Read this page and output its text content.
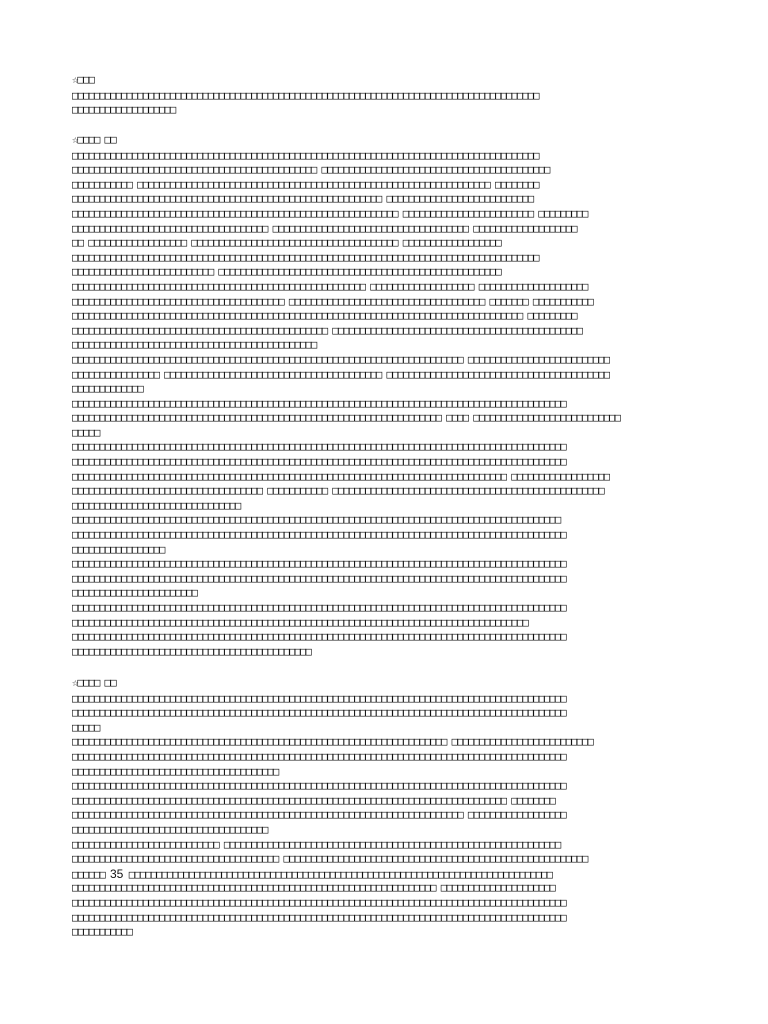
☆□□□
□□□□□□□□□□□□□□□□□□□□□□□□□□□□□□□□□□□□□□□□□□□□□□□□□□□□□□□□□□□□□□□□□□□□□□□□□□□□□□□□□□□□□□
□□□□□□□□□□□□□□□□□□□
☆□□□□ □□
□□□□□□□□□□□□□□□□□□□□□□□□□□□□□□□□□□□□□□□□□□□□□□□□□□□□□□□□□□□□□□□□□□□□□□□□□□□□□□□□□□□□□□
□□□□□□□□□□□□□□□□□□□□□□□□□□□□□□□□□□□□□□□□□□□□□ □□□□□□□□□□□□□□□□□□□□□□□□□□□□□□□□□□□□□□□□□□
□□□□□□□□□□□ □□□□□□□□□□□□□□□□□□□□□□□□□□□□□□□□□□□□□□□□□□□□□□□□□□□□□□□□□□□□□□□□□ □□□□□□□□
□□□□□□□□□□□□□□□□□□□□□□□□□□□□□□□□□□□□□□□□□□□□□□□□□□□□□□□□□ □□□□□□□□□□□□□□□□□□□□□□□□□□□
□□□□□□□□□□□□□□□□□□□□□□□□□□□□□□□□□□□□□□□□□□□□□□□□□□□□□□□□□□□□ □□□□□□□□□□□□□□□□□□□□□□□□ □□□□□□□□□
□□□□□□□□□□□□□□□□□□□□□□□□□□□□□□□□□□□□ □□□□□□□□□□□□□□□□□□□□□□□□□□□□□□□□□□□□ □□□□□□□□□□□□□□□□□□□
□□ □□□□□□□□□□□□□□□□□□ □□□□□□□□□□□□□□□□□□□□□□□□□□□□□□□□□□□□□□ □□□□□□□□□□□□□□□□□□
□□□□□□□□□□□□□□□□□□□□□□□□□□□□□□□□□□□□□□□□□□□□□□□□□□□□□□□□□□□□□□□□□□□□□□□□□□□□□□□□□□□□□□
□□□□□□□□□□□□□□□□□□□□□□□□□□ □□□□□□□□□□□□□□□□□□□□□□□□□□□□□□□□□□□□□□□□□□□□□□□□□□□□
□□□□□□□□□□□□□□□□□□□□□□□□□□□□□□□□□□□□□□□□□□□□□□□□□□□□□□ □□□□□□□□□□□□□□□□□□□ □□□□□□□□□□□□□□□□□□□□
□□□□□□□□□□□□□□□□□□□□□□□□□□□□□□□□□□□□□□□ □□□□□□□□□□□□□□□□□□□□□□□□□□□□□□□□□□□□ □□□□□□□ □□□□□□□□□□□
□□□□□□□□□□□□□□□□□□□□□□□□□□□□□□□□□□□□□□□□□□□□□□□□□□□□□□□□□□□□□□□□□□□□□□□□□□□□□□□□□□□ □□□□□□□□□
□□□□□□□□□□□□□□□□□□□□□□□□□□□□□□□□□□□□□□□□□□□□□□□ □□□□□□□□□□□□□□□□□□□□□□□□□□□□□□□□□□□□□□□□□□□□□□
□□□□□□□□□□□□□□□□□□□□□□□□□□□□□□□□□□□□□□□□□□□□□
□□□□□□□□□□□□□□□□□□□□□□□□□□□□□□□□□□□□□□□□□□□□□□□□□□□□□□□□□□□□□□□□□□□□□□□□ □□□□□□□□□□□□□□□□□□□□□□□□□□
□□□□□□□□□□□□□□□□ □□□□□□□□□□□□□□□□□□□□□□□□□□□□□□□□□□□□□□□□ □□□□□□□□□□□□□□□□□□□□□□□□□□□□□□□□□□□□□□□□□
□□□□□□□□□□□□□
□□□□□□□□□□□□□□□□□□□□□□□□□□□□□□□□□□□□□□□□□□□□□□□□□□□□□□□□□□□□□□□□□□□□□□□□□□□□□□□□□□□□□□□□□□□
□□□□□□□□□□□□□□□□□□□□□□□□□□□□□□□□□□□□□□□□□□□□□□□□□□□□□□□□□□□□□□□□□□□□ □□□□ □□□□□□□□□□□□□□□□□□□□□□□□□□□
□□□□□
□□□□□□□□□□□□□□□□□□□□□□□□□□□□□□□□□□□□□□□□□□□□□□□□□□□□□□□□□□□□□□□□□□□□□□□□□□□□□□□□□□□□□□□□□□□
□□□□□□□□□□□□□□□□□□□□□□□□□□□□□□□□□□□□□□□□□□□□□□□□□□□□□□□□□□□□□□□□□□□□□□□□□□□□□□□□□□□□□□□□□□□
□□□□□□□□□□□□□□□□□□□□□□□□□□□□□□□□□□□□□□□□□□□□□□□□□□□□□□□□□□□□□□□□□□□□□□□□□□□□□□□□ □□□□□□□□□□□□□□□□□□
□□□□□□□□□□□□□□□□□□□□□□□□□□□□□□□□□□□ □□□□□□□□□□□ □□□□□□□□□□□□□□□□□□□□□□□□□□□□□□□□□□□□□□□□□□□□□□□□□□
□□□□□□□□□□□□□□□□□□□□□□□□□□□□□□□
□□□□□□□□□□□□□□□□□□□□□□□□□□□□□□□□□□□□□□□□□□□□□□□□□□□□□□□□□□□□□□□□□□□□□□□□□□□□□□□□□□□□□□□□□□
□□□□□□□□□□□□□□□□□□□□□□□□□□□□□□□□□□□□□□□□□□□□□□□□□□□□□□□□□□□□□□□□□□□□□□□□□□□□□□□□□□□□□□□□□□□
□□□□□□□□□□□□□□□□□
□□□□□□□□□□□□□□□□□□□□□□□□□□□□□□□□□□□□□□□□□□□□□□□□□□□□□□□□□□□□□□□□□□□□□□□□□□□□□□□□□□□□□□□□□□□
□□□□□□□□□□□□□□□□□□□□□□□□□□□□□□□□□□□□□□□□□□□□□□□□□□□□□□□□□□□□□□□□□□□□□□□□□□□□□□□□□□□□□□□□□□□
□□□□□□□□□□□□□□□□□□□□□□□
□□□□□□□□□□□□□□□□□□□□□□□□□□□□□□□□□□□□□□□□□□□□□□□□□□□□□□□□□□□□□□□□□□□□□□□□□□□□□□□□□□□□□□□□□□□
□□□□□□□□□□□□□□□□□□□□□□□□□□□□□□□□□□□□□□□□□□□□□□□□□□□□□□□□□□□□□□□□□□□□□□□□□□□□□□□□□□□□
□□□□□□□□□□□□□□□□□□□□□□□□□□□□□□□□□□□□□□□□□□□□□□□□□□□□□□□□□□□□□□□□□□□□□□□□□□□□□□□□□□□□□□□□□□□
□□□□□□□□□□□□□□□□□□□□□□□□□□□□□□□□□□□□□□□□□□□□
☆□□□□ □□
□□□□□□□□□□□□□□□□□□□□□□□□□□□□□□□□□□□□□□□□□□□□□□□□□□□□□□□□□□□□□□□□□□□□□□□□□□□□□□□□□□□□□□□□□□□
□□□□□□□□□□□□□□□□□□□□□□□□□□□□□□□□□□□□□□□□□□□□□□□□□□□□□□□□□□□□□□□□□□□□□□□□□□□□□□□□□□□□□□□□□□□
□□□□□
□□□□□□□□□□□□□□□□□□□□□□□□□□□□□□□□□□□□□□□□□□□□□□□□□□□□□□□□□□□□□□□□□□□□□ □□□□□□□□□□□□□□□□□□□□□□□□□□
□□□□□□□□□□□□□□□□□□□□□□□□□□□□□□□□□□□□□□□□□□□□□□□□□□□□□□□□□□□□□□□□□□□□□□□□□□□□□□□□□□□□□□□□□□□
□□□□□□□□□□□□□□□□□□□□□□□□□□□□□□□□□□□□□□
□□□□□□□□□□□□□□□□□□□□□□□□□□□□□□□□□□□□□□□□□□□□□□□□□□□□□□□□□□□□□□□□□□□□□□□□□□□□□□□□□□□□□□□□□□□
□□□□□□□□□□□□□□□□□□□□□□□□□□□□□□□□□□□□□□□□□□□□□□□□□□□□□□□□□□□□□□□□□□□□□□□□□□□□□□□□ □□□□□□□□
□□□□□□□□□□□□□□□□□□□□□□□□□□□□□□□□□□□□□□□□□□□□□□□□□□□□□□□□□□□□□□□□□□□□□□□□ □□□□□□□□□□□□□□□□□□
□□□□□□□□□□□□□□□□□□□□□□□□□□□□□□□□□□□□
□□□□□□□□□□□□□□□□□□□□□□□□□□□ □□□□□□□□□□□□□□□□□□□□□□□□□□□□□□□□□□□□□□□□□□□□□□□□□□□□□□□□□□□□□□
□□□□□□□□□□□□□□□□□□□□□□□□□□□□□□□□□□□□□□ □□□□□□□□□□□□□□□□□□□□□□□□□□□□□□□□□□□□□□□□□□□□□□□□□□□□□□□□
□□□□□□ 35 □□□□□□□□□□□□□□□□□□□□□□□□□□□□□□□□□□□□□□□□□□□□□□□□□□□□□□□□□□□□□□□□□□□□□□□□□□□□□□
□□□□□□□□□□□□□□□□□□□□□□□□□□□□□□□□□□□□□□□□□□□□□□□□□□□□□□□□□□□□□□□□□□□ □□□□□□□□□□□□□□□□□□□□□
□□□□□□□□□□□□□□□□□□□□□□□□□□□□□□□□□□□□□□□□□□□□□□□□□□□□□□□□□□□□□□□□□□□□□□□□□□□□□□□□□□□□□□□□□□□
□□□□□□□□□□□□□□□□□□□□□□□□□□□□□□□□□□□□□□□□□□□□□□□□□□□□□□□□□□□□□□□□□□□□□□□□□□□□□□□□□□□□□□□□□□□
□□□□□□□□□□□
